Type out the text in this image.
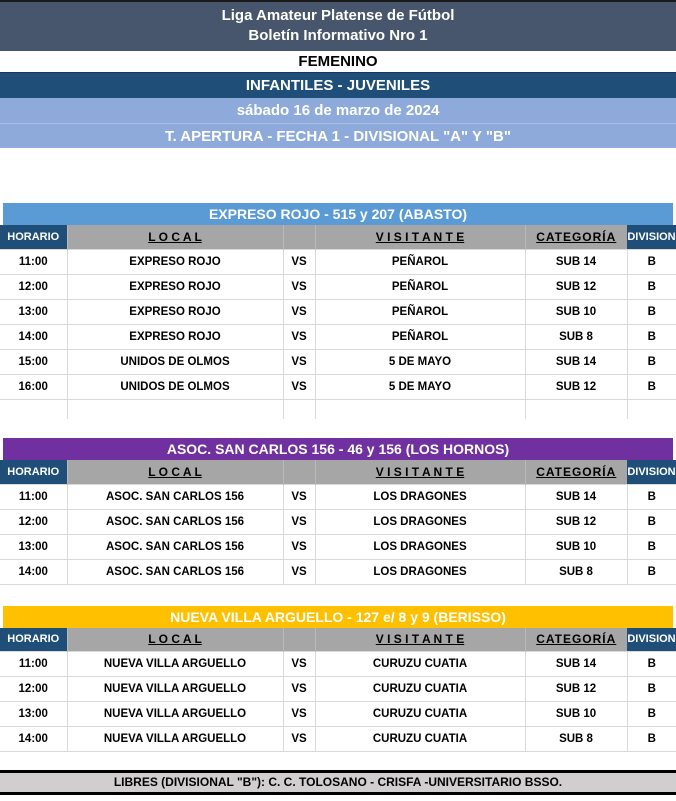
Liga Amateur Platense de Fútbol
Boletín Informativo Nro 1
FEMENINO
INFANTILES - JUVENILES
sábado 16 de marzo de 2024
T. APERTURA - FECHA 1 - DIVISIONAL "A" Y "B"
EXPRESO ROJO - 515 y 207 (ABASTO)
HORARIO	L O C A L		V I S I T A N T E	CATEGORÍA	DIVISION
11:00	EXPRESO ROJO	VS	PEÑAROL	SUB 14	B
12:00	EXPRESO ROJO	VS	PEÑAROL	SUB 12	B
13:00	EXPRESO ROJO	VS	PEÑAROL	SUB 10	B
14:00	EXPRESO ROJO	VS	PEÑAROL	SUB 8	B
15:00	UNIDOS DE OLMOS	VS	5 DE MAYO	SUB 14	B
16:00	UNIDOS DE OLMOS	VS	5 DE MAYO	SUB 12	B

ASOC. SAN CARLOS 156 - 46 y 156 (LOS HORNOS)
HORARIO	L O C A L		V I S I T A N T E	CATEGORÍA	DIVISION
11:00	ASOC. SAN CARLOS 156	VS	LOS DRAGONES	SUB 14	B
12:00	ASOC. SAN CARLOS 156	VS	LOS DRAGONES	SUB 12	B
13:00	ASOC. SAN CARLOS 156	VS	LOS DRAGONES	SUB 10	B
14:00	ASOC. SAN CARLOS 156	VS	LOS DRAGONES	SUB 8	B
NUEVA VILLA ARGUELLO - 127 e/ 8 y 9 (BERISSO)
HORARIO	L O C A L		V I S I T A N T E	CATEGORÍA	DIVISION
11:00	NUEVA VILLA ARGUELLO	VS	CURUZU CUATIA	SUB 14	B
12:00	NUEVA VILLA ARGUELLO	VS	CURUZU CUATIA	SUB 12	B
13:00	NUEVA VILLA ARGUELLO	VS	CURUZU CUATIA	SUB 10	B
14:00	NUEVA VILLA ARGUELLO	VS	CURUZU CUATIA	SUB 8	B
LIBRES (DIVISIONAL "B"): C. C. TOLOSANO - CRISFA -UNIVERSITARIO BSSO.
